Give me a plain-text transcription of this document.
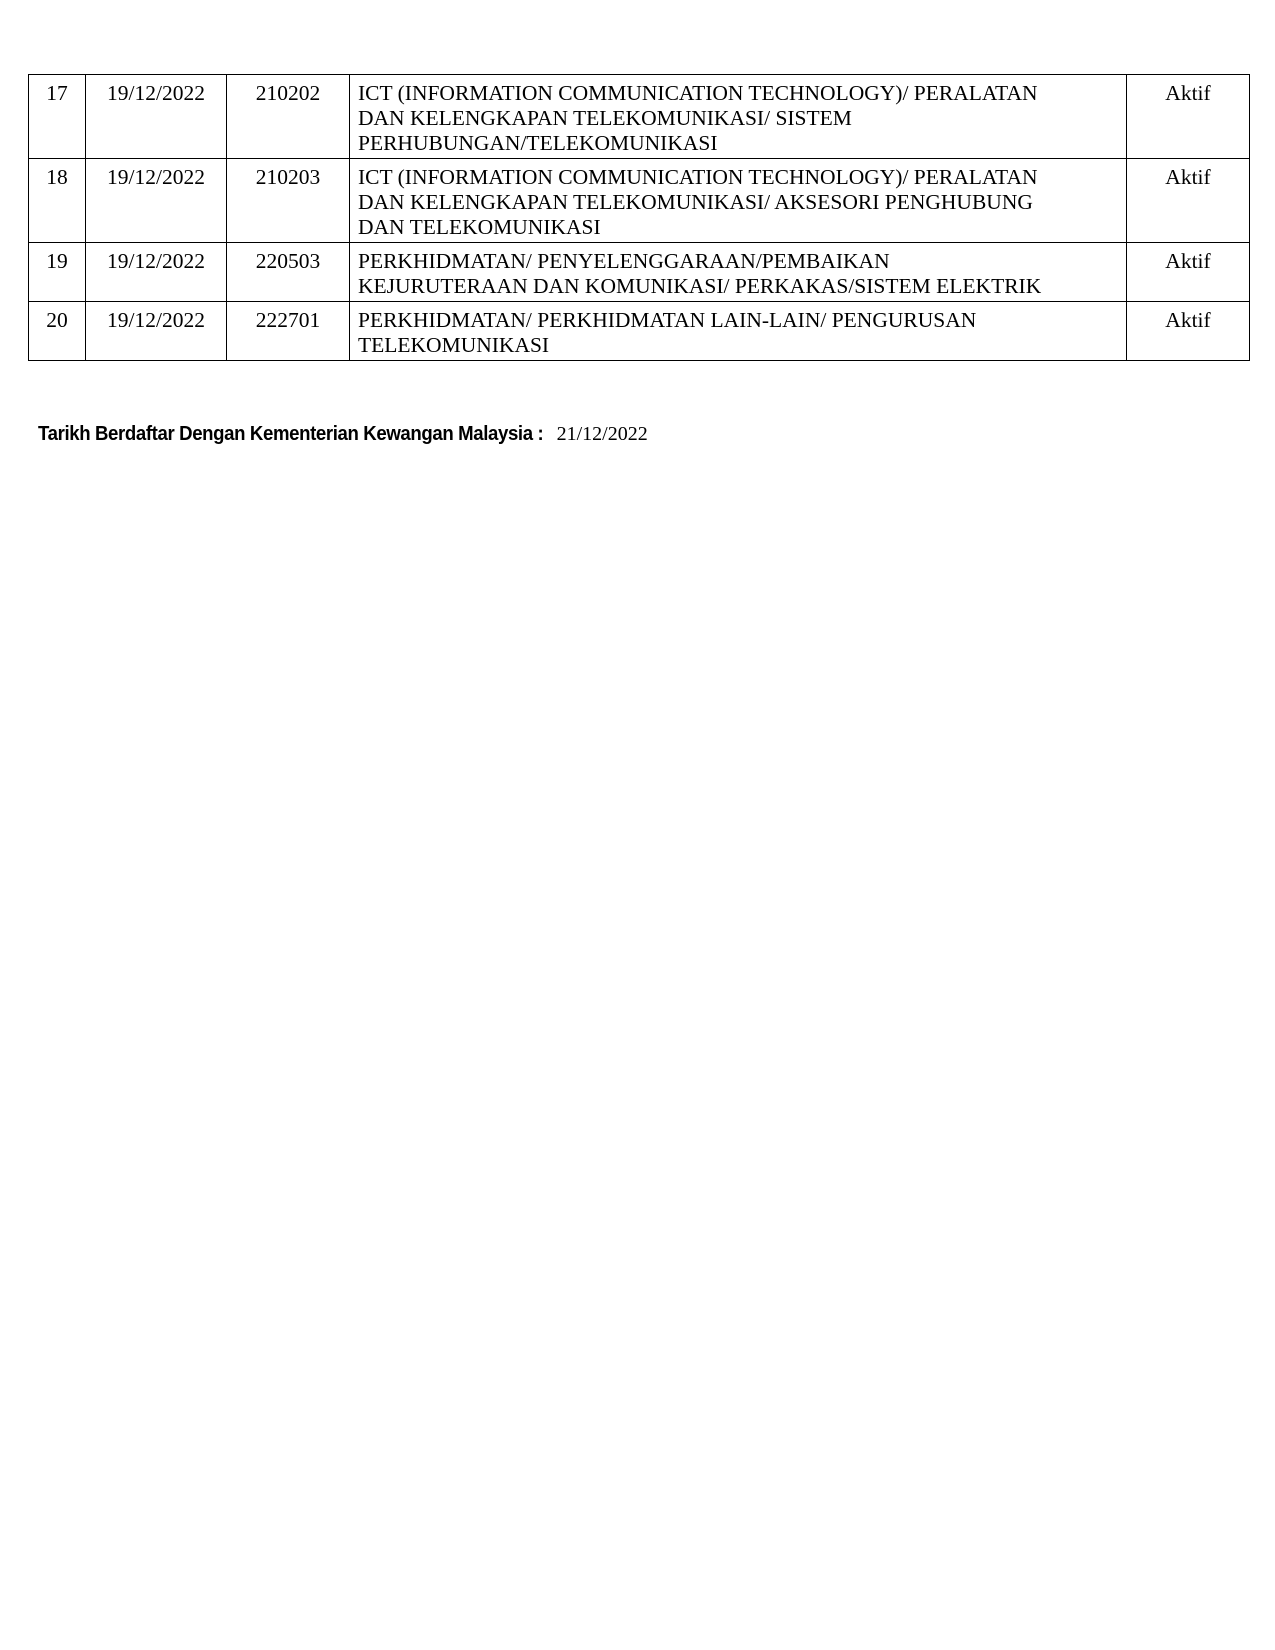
17	19/12/2022	210202	ICT (INFORMATION COMMUNICATION TECHNOLOGY)/ PERALATAN
DAN KELENGKAPAN TELEKOMUNIKASI/ SISTEM
PERHUBUNGAN/TELEKOMUNIKASI	Aktif
18	19/12/2022	210203	ICT (INFORMATION COMMUNICATION TECHNOLOGY)/ PERALATAN
DAN KELENGKAPAN TELEKOMUNIKASI/ AKSESORI PENGHUBUNG
DAN TELEKOMUNIKASI	Aktif
19	19/12/2022	220503	PERKHIDMATAN/ PENYELENGGARAAN/PEMBAIKAN
KEJURUTERAAN DAN KOMUNIKASI/ PERKAKAS/SISTEM ELEKTRIK	Aktif
20	19/12/2022	222701	PERKHIDMATAN/ PERKHIDMATAN LAIN-LAIN/ PENGURUSAN
TELEKOMUNIKASI	Aktif
Tarikh Berdaftar Dengan Kementerian Kewangan Malaysia : 21/12/2022
